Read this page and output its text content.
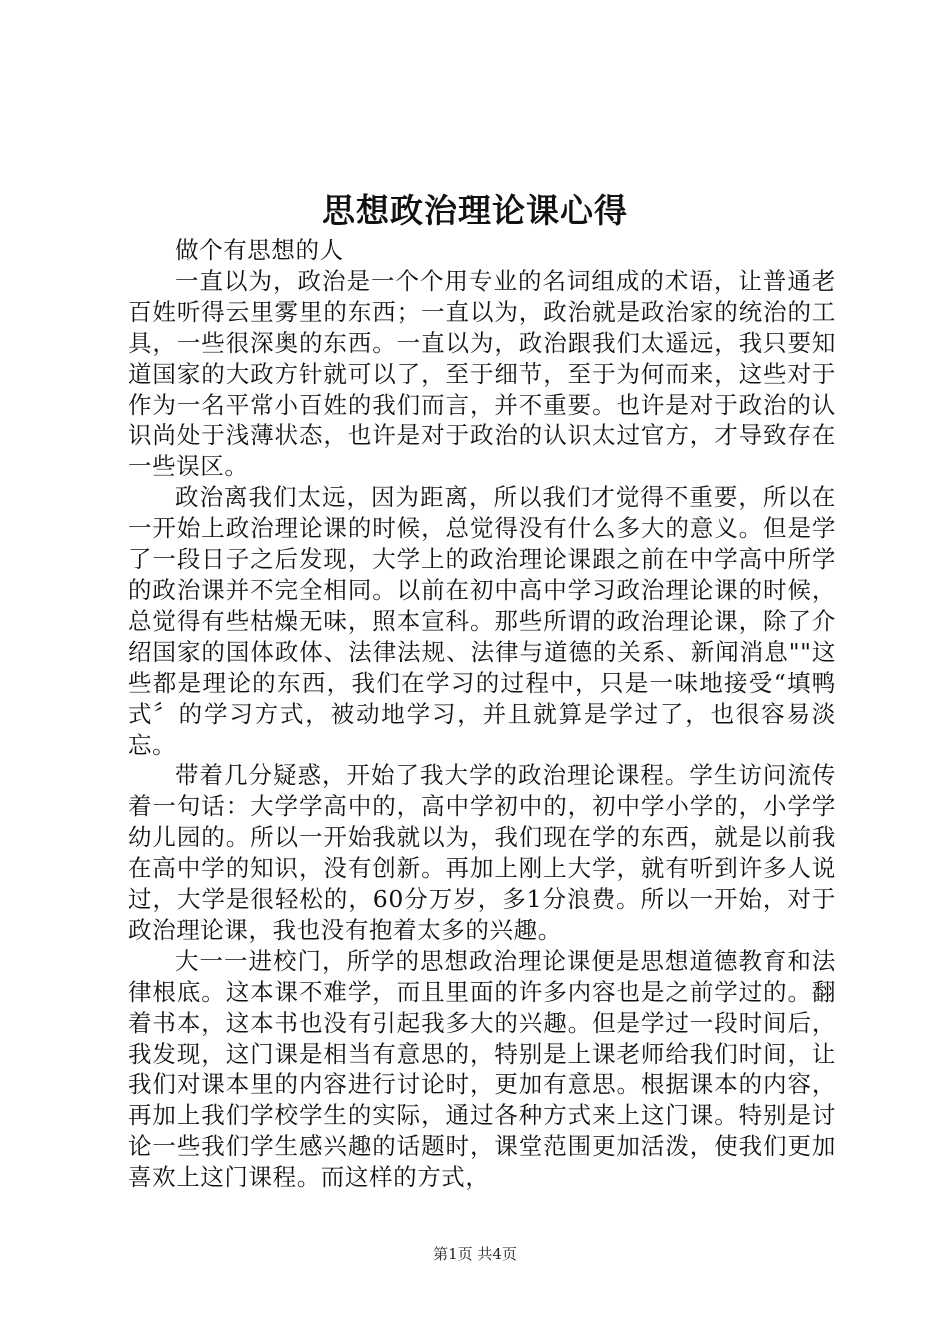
思想政治理论课心得

做个有思想的人

一直以为，政治是一个个用专业的名词组成的术语，让普通老百姓听得云里雾里的东西；一直以为，政治就是政治家的统治的工具，一些很深奥的东西。一直以为，政治跟我们太遥远，我只要知道国家的大政方针就可以了，至于细节，至于为何而来，这些对于作为一名平常小百姓的我们而言，并不重要。也许是对于政治的认识尚处于浅薄状态，也许是对于政治的认识太过官方，才导致存在一些误区。

政治离我们太远，因为距离，所以我们才觉得不重要，所以在一开始上政治理论课的时候，总觉得没有什么多大的意义。但是学了一段日子之后发现，大学上的政治理论课跟之前在中学高中所学的政治课并不完全相同。以前在初中高中学习政治理论课的时候，总觉得有些枯燥无味，照本宣科。那些所谓的政治理论课，除了介绍国家的国体政体、法律法规、法律与道德的关系、新闻消息""这些都是理论的东西，我们在学习的过程中，只是一味地接受“填鸭式〞的学习方式，被动地学习，并且就算是学过了，也很容易淡忘。

带着几分疑惑，开始了我大学的政治理论课程。学生访问流传着一句话：大学学高中的，高中学初中的，初中学小学的，小学学幼儿园的。所以一开始我就以为，我们现在学的东西，就是以前我在高中学的知识，没有创新。再加上刚上大学，就有听到许多人说过，大学是很轻松的，60分万岁，多1分浪费。所以一开始，对于政治理论课，我也没有抱着太多的兴趣。

大一一进校门，所学的思想政治理论课便是思想道德教育和法律根底。这本课不难学，而且里面的许多内容也是之前学过的。翻着书本，这本书也没有引起我多大的兴趣。但是学过一段时间后，我发现，这门课是相当有意思的，特别是上课老师给我们时间，让我们对课本里的内容进行讨论时，更加有意思。根据课本的内容，再加上我们学校学生的实际，通过各种方式来上这门课。特别是讨论一些我们学生感兴趣的话题时，课堂范围更加活泼，使我们更加喜欢上这门课程。而这样的方式，

第1页 共4页
